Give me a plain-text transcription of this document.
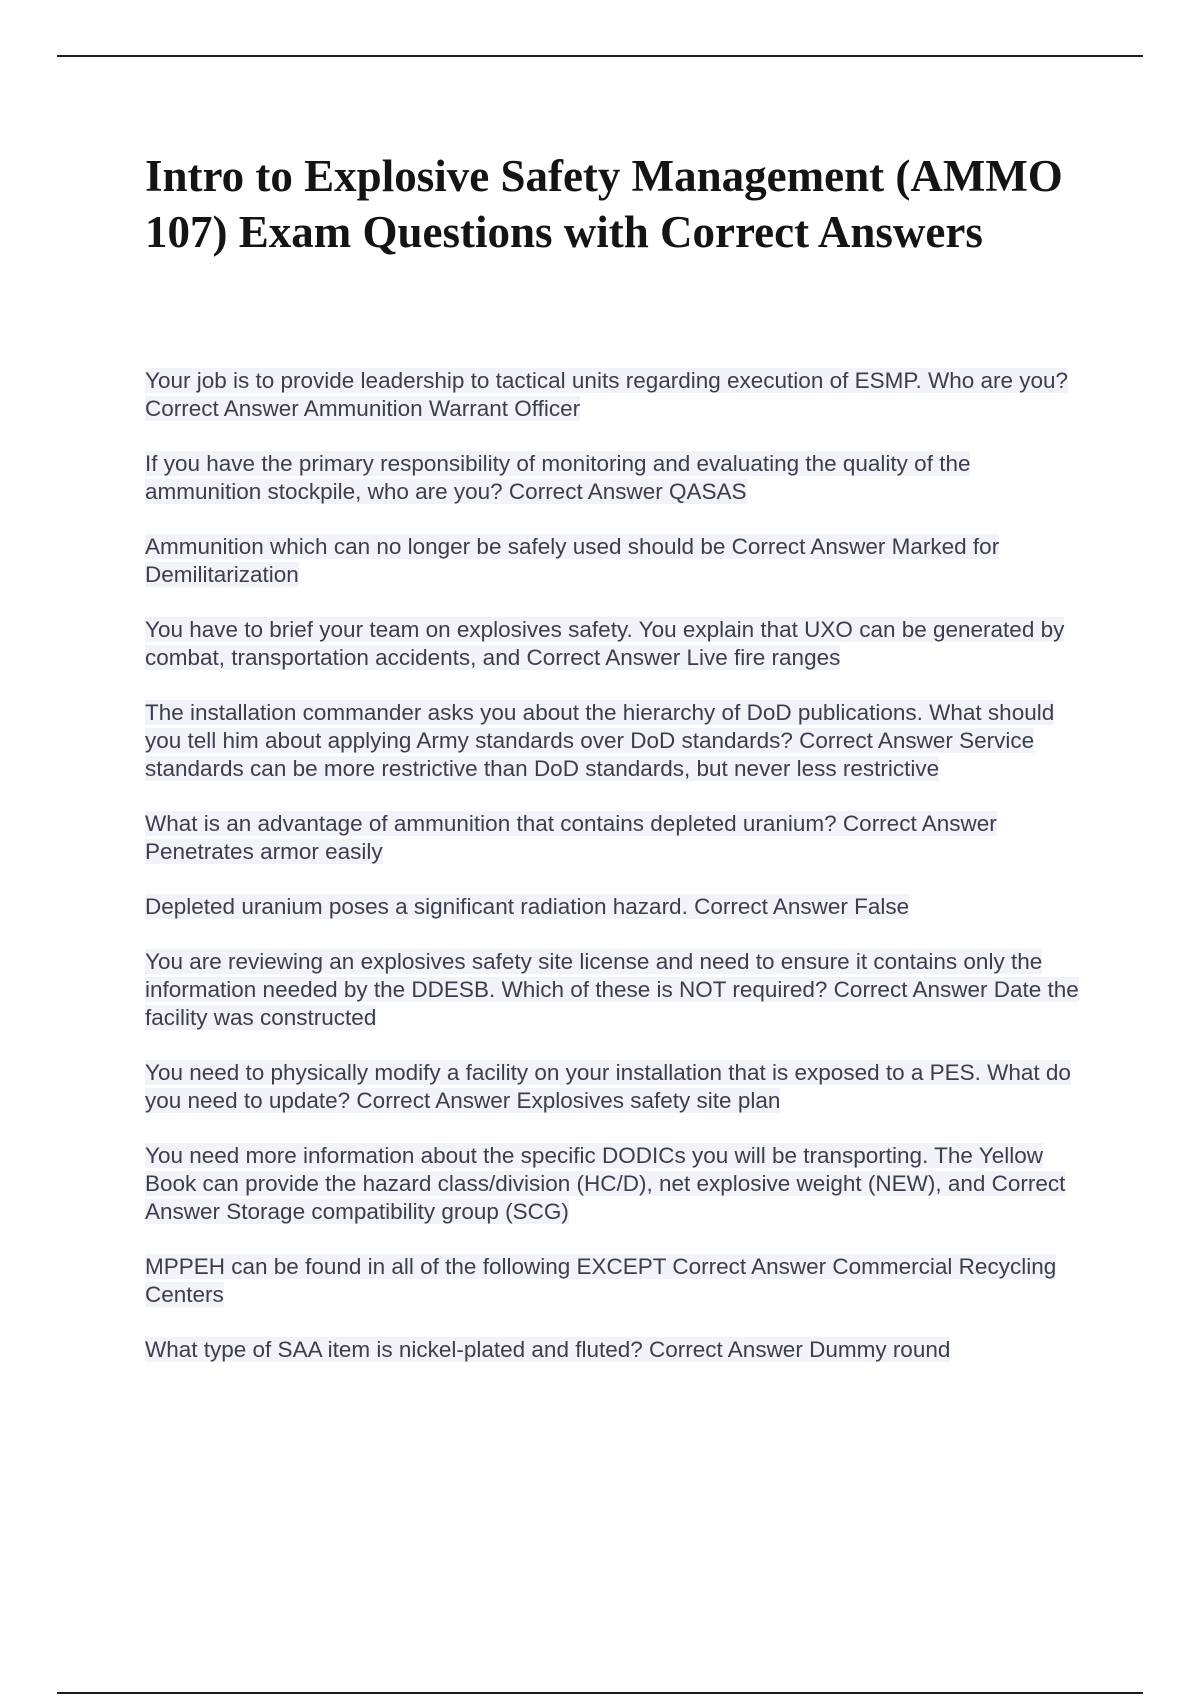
Intro to Explosive Safety Management (AMMO 107) Exam Questions with Correct Answers
Your job is to provide leadership to tactical units regarding execution of ESMP. Who are you? Correct Answer Ammunition Warrant Officer
If you have the primary responsibility of monitoring and evaluating the quality of the ammunition stockpile, who are you? Correct Answer QASAS
Ammunition which can no longer be safely used should be Correct Answer Marked for Demilitarization
You have to brief your team on explosives safety. You explain that UXO can be generated by combat, transportation accidents, and Correct Answer Live fire ranges
The installation commander asks you about the hierarchy of DoD publications. What should you tell him about applying Army standards over DoD standards? Correct Answer Service standards can be more restrictive than DoD standards, but never less restrictive
What is an advantage of ammunition that contains depleted uranium? Correct Answer Penetrates armor easily
Depleted uranium poses a significant radiation hazard. Correct Answer False
You are reviewing an explosives safety site license and need to ensure it contains only the information needed by the DDESB. Which of these is NOT required? Correct Answer Date the facility was constructed
You need to physically modify a facility on your installation that is exposed to a PES. What do you need to update? Correct Answer Explosives safety site plan
You need more information about the specific DODICs you will be transporting. The Yellow Book can provide the hazard class/division (HC/D), net explosive weight (NEW), and Correct Answer Storage compatibility group (SCG)
MPPEH can be found in all of the following EXCEPT Correct Answer Commercial Recycling Centers
What type of SAA item is nickel-plated and fluted? Correct Answer Dummy round
